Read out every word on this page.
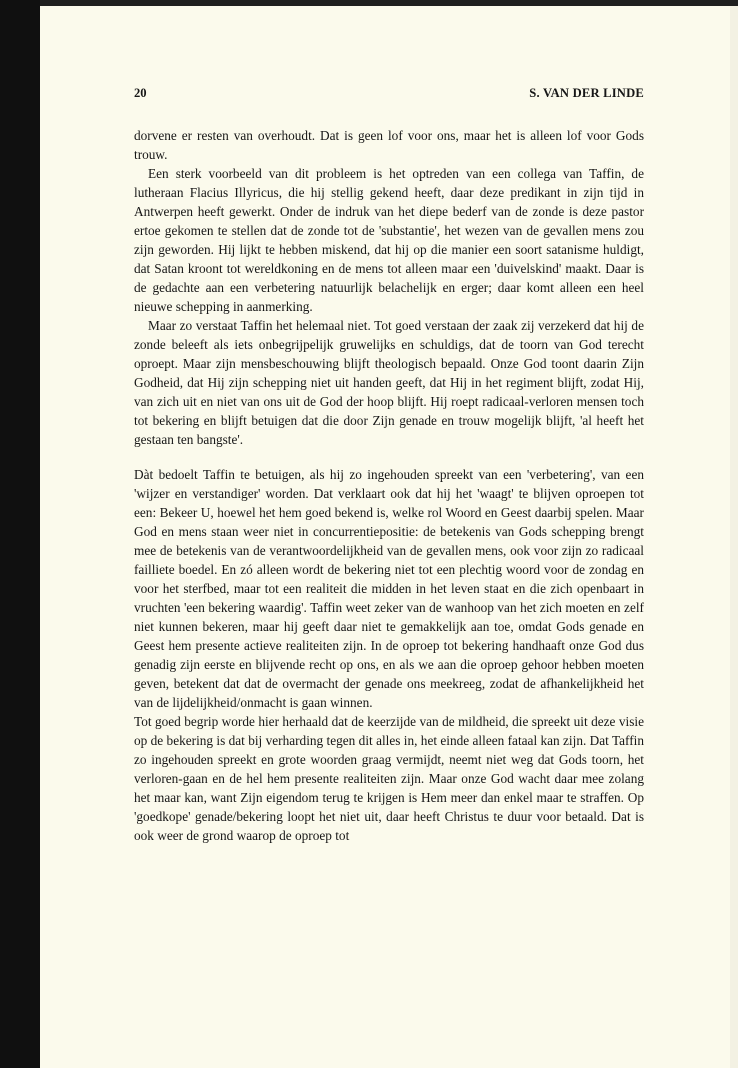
20	S. VAN DER LINDE

dorvene er resten van overhoudt. Dat is geen lof voor ons, maar het is alleen lof voor Gods trouw.

Een sterk voorbeeld van dit probleem is het optreden van een collega van Taffin, de lutheraan Flacius Illyricus, die hij stellig gekend heeft, daar deze predikant in zijn tijd in Antwerpen heeft gewerkt. Onder de indruk van het diepe bederf van de zonde is deze pastor ertoe gekomen te stellen dat de zonde tot de 'substantie', het wezen van de gevallen mens zou zijn geworden. Hij lijkt te hebben miskend, dat hij op die manier een soort satanisme huldigt, dat Satan kroont tot wereldkoning en de mens tot alleen maar een 'duivelskind' maakt. Daar is de gedachte aan een verbetering natuurlijk belachelijk en erger; daar komt alleen een heel nieuwe schepping in aanmerking.

Maar zo verstaat Taffin het helemaal niet. Tot goed verstaan der zaak zij verzekerd dat hij de zonde beleeft als iets onbegrijpelijk gruwelijks en schuldigs, dat de toorn van God terecht oproept. Maar zijn mensbeschouwing blijft theologisch bepaald. Onze God toont daarin Zijn Godheid, dat Hij zijn schepping niet uit handen geeft, dat Hij in het regiment blijft, zodat Hij, van zich uit en niet van ons uit de God der hoop blijft. Hij roept radicaal-verloren mensen toch tot bekering en blijft betuigen dat die door Zijn genade en trouw mogelijk blijft, 'al heeft het gestaan ten bangste'.

Dàt bedoelt Taffin te betuigen, als hij zo ingehouden spreekt van een 'verbetering', van een 'wijzer en verstandiger' worden. Dat verklaart ook dat hij het 'waagt' te blijven oproepen tot een: Bekeer U, hoewel het hem goed bekend is, welke rol Woord en Geest daarbij spelen. Maar God en mens staan weer niet in concurrentiepositie: de betekenis van Gods schepping brengt mee de betekenis van de verantwoordelijkheid van de gevallen mens, ook voor zijn zo radicaal failliete boedel. En zó alleen wordt de bekering niet tot een plechtig woord voor de zondag en voor het sterfbed, maar tot een realiteit die midden in het leven staat en die zich openbaart in vruchten 'een bekering waardig'. Taffin weet zeker van de wanhoop van het zich moeten en zelf niet kunnen bekeren, maar hij geeft daar niet te gemakkelijk aan toe, omdat Gods genade en Geest hem presente actieve realiteiten zijn. In de oproep tot bekering handhaaft onze God dus genadig zijn eerste en blijvende recht op ons, en als we aan die oproep gehoor hebben moeten geven, betekent dat dat de overmacht der genade ons meekreeg, zodat de afhankelijkheid het van de lijdelijkheid/onmacht is gaan winnen.

Tot goed begrip worde hier herhaald dat de keerzijde van de mildheid, die spreekt uit deze visie op de bekering is dat bij verharding tegen dit alles in, het einde alleen fataal kan zijn. Dat Taffin zo ingehouden spreekt en grote woorden graag vermijdt, neemt niet weg dat Gods toorn, het verloren-gaan en de hel hem presente realiteiten zijn. Maar onze God wacht daar mee zolang het maar kan, want Zijn eigendom terug te krijgen is Hem meer dan enkel maar te straffen. Op 'goedkope' genade/bekering loopt het niet uit, daar heeft Christus te duur voor betaald. Dat is ook weer de grond waarop de oproep tot
